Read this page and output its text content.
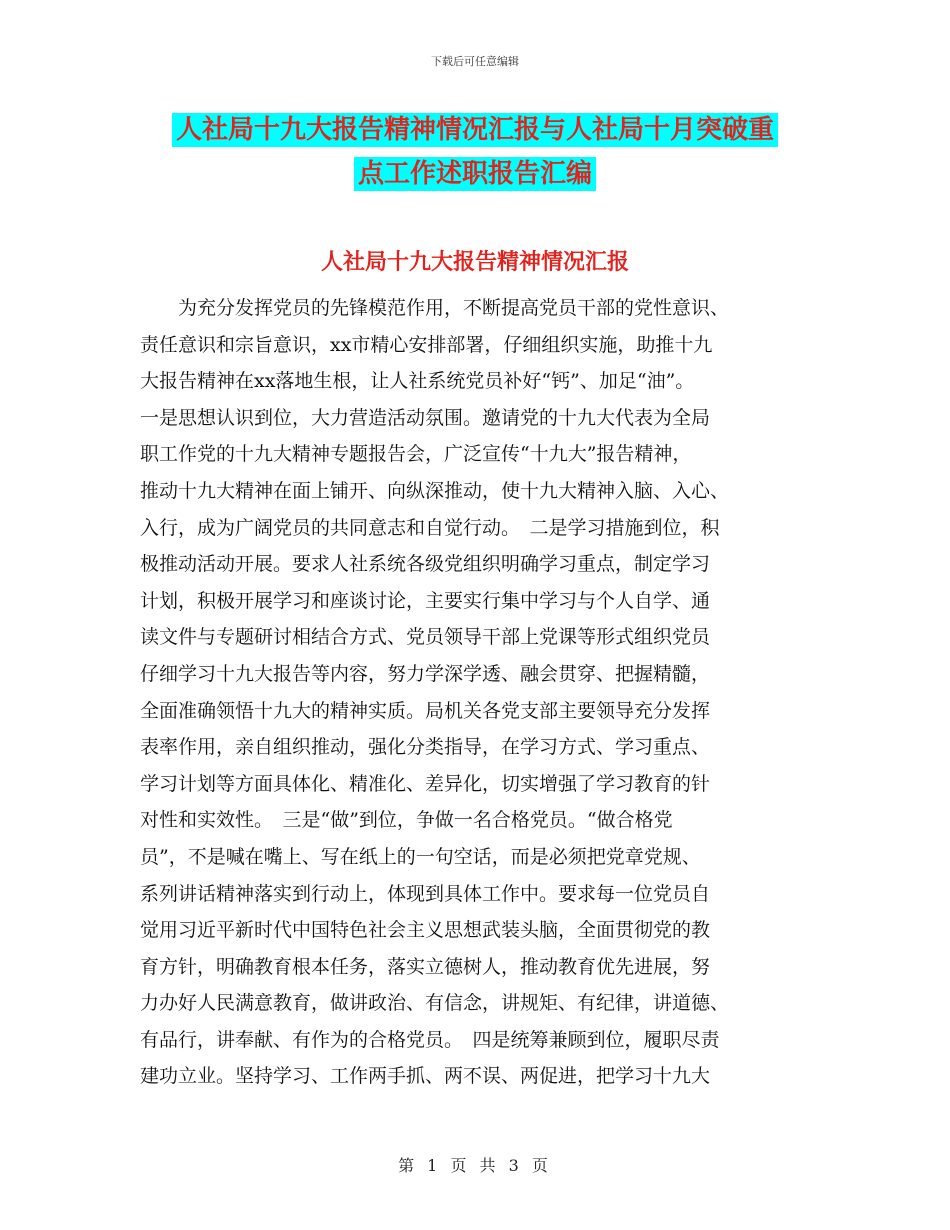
下载后可任意编辑
人社局十九大报告精神情况汇报与人社局十月突破重
点工作述职报告汇编
人社局十九大报告精神情况汇报
　　为充分发挥党员的先锋模范作用，不断提高党员干部的党性意识、
责任意识和宗旨意识，xx市精心安排部署，仔细组织实施，助推十九
大报告精神在xx落地生根，让人社系统党员补好“钙”、加足“油”。
一是思想认识到位，大力营造活动氛围。邀请党的十九大代表为全局
职工作党的十九大精神专题报告会，广泛宣传“十九大”报告精神，
推动十九大精神在面上铺开、向纵深推动，使十九大精神入脑、入心、
入行，成为广阔党员的共同意志和自觉行动。　二是学习措施到位，积
极推动活动开展。要求人社系统各级党组织明确学习重点，制定学习
计划，积极开展学习和座谈讨论，主要实行集中学习与个人自学、通
读文件与专题研讨相结合方式、党员领导干部上党课等形式组织党员
仔细学习十九大报告等内容，努力学深学透、融会贯穿、把握精髓，
全面准确领悟十九大的精神实质。局机关各党支部主要领导充分发挥
表率作用，亲自组织推动，强化分类指导，在学习方式、学习重点、
学习计划等方面具体化、精准化、差异化，切实增强了学习教育的针
对性和实效性。　三是“做”到位，争做一名合格党员。“做合格党
员”，不是喊在嘴上、写在纸上的一句空话，而是必须把党章党规、
系列讲话精神落实到行动上，体现到具体工作中。要求每一位党员自
觉用习近平新时代中国特色社会主义思想武装头脑，全面贯彻党的教
育方针，明确教育根本任务，落实立德树人，推动教育优先进展，努
力办好人民满意教育，做讲政治、有信念，讲规矩、有纪律，讲道德、
有品行，讲奉献、有作为的合格党员。　四是统筹兼顾到位，履职尽责
建功立业。坚持学习、工作两手抓、两不误、两促进，把学习十九大
第 1 页 共 3 页
